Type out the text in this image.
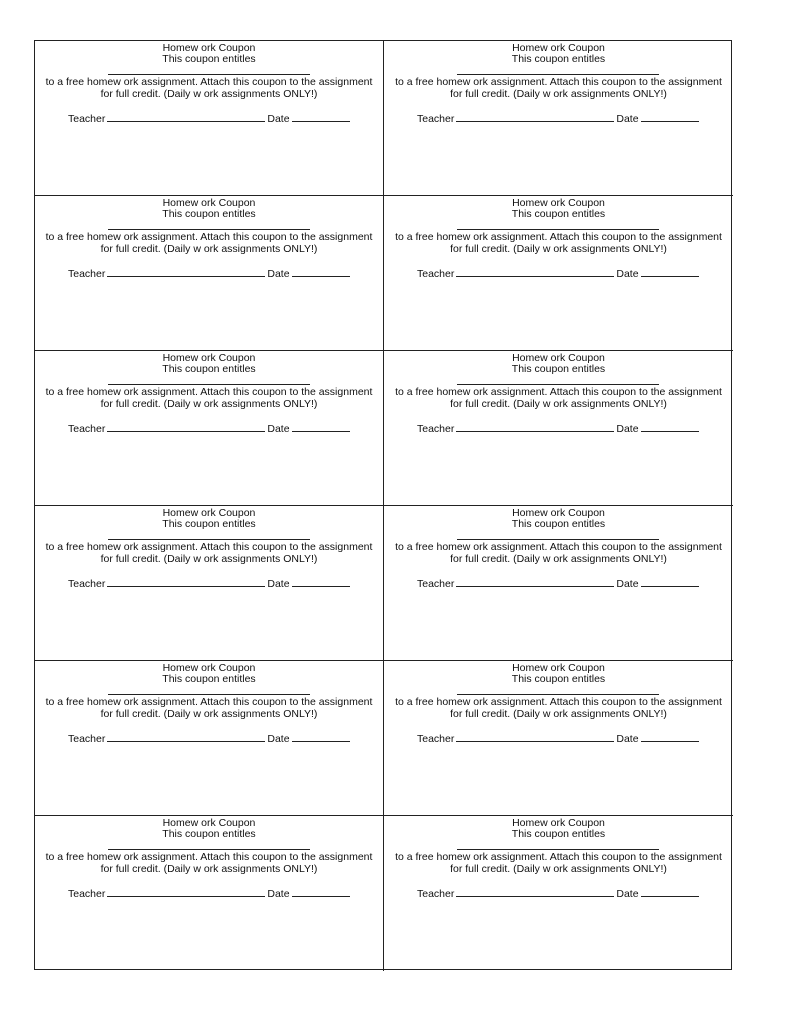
Homew ork Coupon
This coupon entitles
to a free homew ork assignment. Attach this coupon to the assignment
for full credit. (Daily w ork assignments ONLY!)
Teacher	Date
Homew ork Coupon
This coupon entitles
to a free homew ork assignment. Attach this coupon to the assignment
for full credit. (Daily w ork assignments ONLY!)
Teacher	Date
Homew ork Coupon
This coupon entitles
to a free homew ork assignment. Attach this coupon to the assignment
for full credit. (Daily w ork assignments ONLY!)
Teacher	Date
Homew ork Coupon
This coupon entitles
to a free homew ork assignment. Attach this coupon to the assignment
for full credit. (Daily w ork assignments ONLY!)
Teacher	Date
Homew ork Coupon
This coupon entitles
to a free homew ork assignment. Attach this coupon to the assignment
for full credit. (Daily w ork assignments ONLY!)
Teacher	Date
Homew ork Coupon
This coupon entitles
to a free homew ork assignment. Attach this coupon to the assignment
for full credit. (Daily w ork assignments ONLY!)
Teacher	Date
Homew ork Coupon
This coupon entitles
to a free homew ork assignment. Attach this coupon to the assignment
for full credit. (Daily w ork assignments ONLY!)
Teacher	Date
Homew ork Coupon
This coupon entitles
to a free homew ork assignment. Attach this coupon to the assignment
for full credit. (Daily w ork assignments ONLY!)
Teacher	Date
Homew ork Coupon
This coupon entitles
to a free homew ork assignment. Attach this coupon to the assignment
for full credit. (Daily w ork assignments ONLY!)
Teacher	Date
Homew ork Coupon
This coupon entitles
to a free homew ork assignment. Attach this coupon to the assignment
for full credit. (Daily w ork assignments ONLY!)
Teacher	Date
Homew ork Coupon
This coupon entitles
to a free homew ork assignment. Attach this coupon to the assignment
for full credit. (Daily w ork assignments ONLY!)
Teacher	Date
Homew ork Coupon
This coupon entitles
to a free homew ork assignment. Attach this coupon to the assignment
for full credit. (Daily w ork assignments ONLY!)
Teacher	Date
